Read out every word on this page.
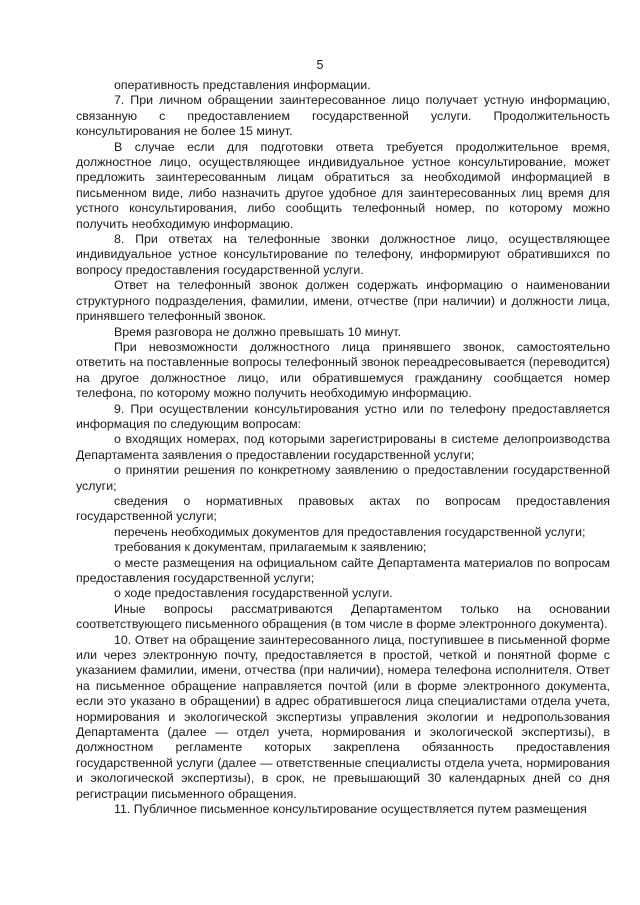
5

оперативность представления информации.

7. При личном обращении заинтересованное лицо получает устную информацию, связанную с предоставлением государственной услуги. Продолжительность консультирования не более 15 минут.

В случае если для подготовки ответа требуется продолжительное время, должностное лицо, осуществляющее индивидуальное устное консультирование, может предложить заинтересованным лицам обратиться за необходимой информацией в письменном виде, либо назначить другое удобное для заинтересованных лиц время для устного консультирования, либо сообщить телефонный номер, по которому можно получить необходимую информацию.

8. При ответах на телефонные звонки должностное лицо, осуществляющее индивидуальное устное консультирование по телефону, информируют обратившихся по вопросу предоставления государственной услуги.

Ответ на телефонный звонок должен содержать информацию о наименовании структурного подразделения, фамилии, имени, отчестве (при наличии) и должности лица, принявшего телефонный звонок.

Время разговора не должно превышать 10 минут.

При невозможности должностного лица принявшего звонок, самостоятельно ответить на поставленные вопросы телефонный звонок переадресовывается (переводится) на другое должностное лицо, или обратившемуся гражданину сообщается номер телефона, по которому можно получить необходимую информацию.

9. При осуществлении консультирования устно или по телефону предоставляется информация по следующим вопросам:

о входящих номерах, под которыми зарегистрированы в системе делопроизводства Департамента заявления о предоставлении государственной услуги;

о принятии решения по конкретному заявлению о предоставлении государственной услуги;

сведения о нормативных правовых актах по вопросам предоставления государственной услуги;

перечень необходимых документов для предоставления государственной услуги;

требования к документам, прилагаемым к заявлению;

о месте размещения на официальном сайте Департамента материалов по вопросам предоставления государственной услуги;

о ходе предоставления государственной услуги.

Иные вопросы рассматриваются Департаментом только на основании соответствующего письменного обращения (в том числе в форме электронного документа).

10. Ответ на обращение заинтересованного лица, поступившее в письменной форме или через электронную почту, предоставляется в простой, четкой и понятной форме с указанием фамилии, имени, отчества (при наличии), номера телефона исполнителя. Ответ на письменное обращение направляется почтой (или в форме электронного документа, если это указано в обращении) в адрес обратившегося лица специалистами отдела учета, нормирования и экологической экспертизы управления экологии и недропользования Департамента (далее — отдел учета, нормирования и экологической экспертизы), в должностном регламенте которых закреплена обязанность предоставления государственной услуги (далее — ответственные специалисты отдела учета, нормирования и экологической экспертизы), в срок, не превышающий 30 календарных дней со дня регистрации письменного обращения.

11. Публичное письменное консультирование осуществляется путем размещения
